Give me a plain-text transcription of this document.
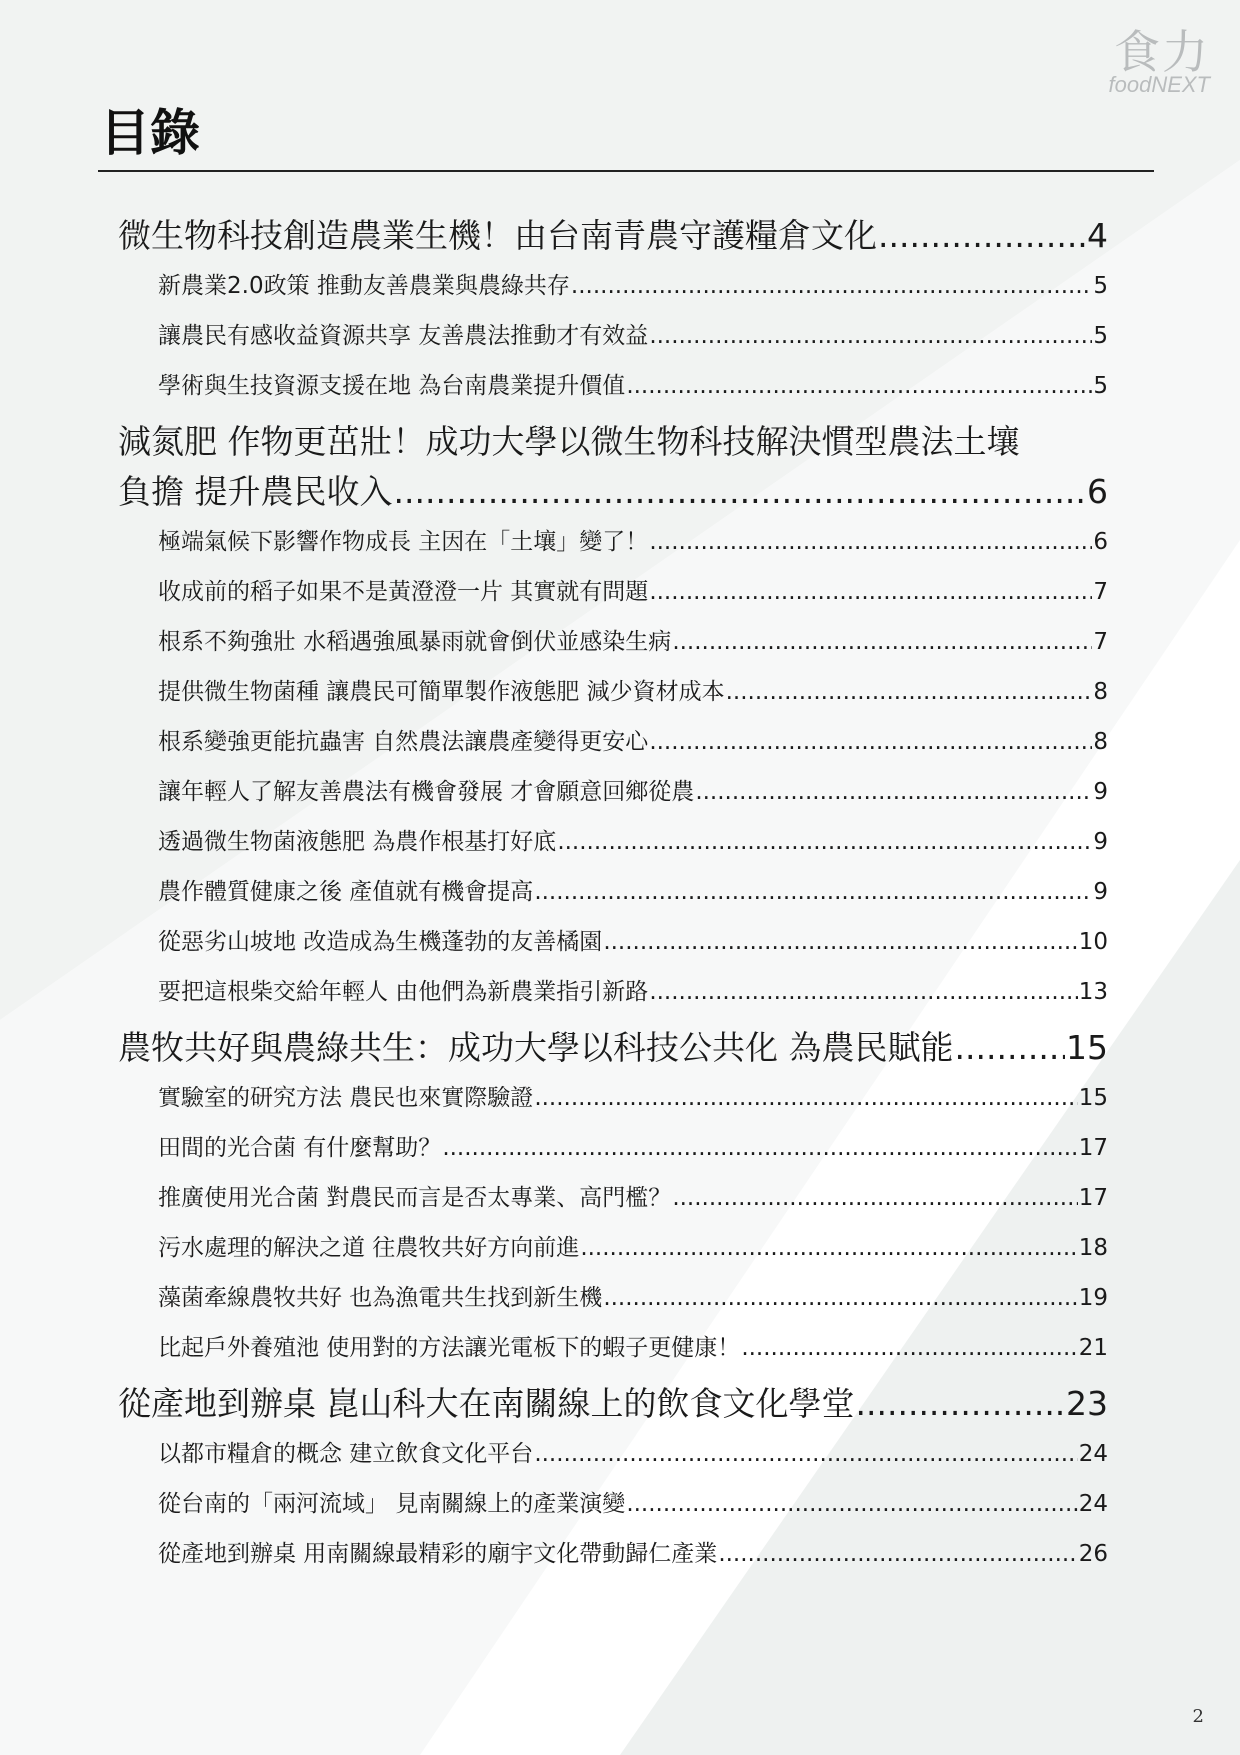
食力
foodNEXT
目錄
微生物科技創造農業生機！由台南青農守護糧倉文化 .....	4
新農業2.0政策 推動友善農業與農綠共存 .....	5
讓農民有感收益資源共享 友善農法推動才有效益 .....	5
學術與生技資源支援在地 為台南農業提升價值 .....	5
減氮肥 作物更茁壯！成功大學以微生物科技解決慣型農法土壤
負擔 提升農民收入 .....	6
極端氣候下影響作物成長 主因在「土壤」變了！ .....	6
收成前的稻子如果不是黃澄澄一片 其實就有問題 .....	7
根系不夠強壯 水稻遇強風暴雨就會倒伏並感染生病 .....	7
提供微生物菌種 讓農民可簡單製作液態肥 減少資材成本 .....	8
根系變強更能抗蟲害 自然農法讓農產變得更安心 .....	8
讓年輕人了解友善農法有機會發展 才會願意回鄉從農 .....	9
透過微生物菌液態肥 為農作根基打好底 .....	9
農作體質健康之後 產值就有機會提高 .....	9
從惡劣山坡地 改造成為生機蓬勃的友善橘園 .....	10
要把這根柴交給年輕人 由他們為新農業指引新路 .....	13
農牧共好與農綠共生：成功大學以科技公共化 為農民賦能 .....	15
實驗室的研究方法 農民也來實際驗證 .....	15
田間的光合菌 有什麼幫助？ .....	17
推廣使用光合菌 對農民而言是否太專業、高門檻？ .....	17
污水處理的解決之道 往農牧共好方向前進 .....	18
藻菌牽線農牧共好 也為漁電共生找到新生機 .....	19
比起戶外養殖池 使用對的方法讓光電板下的蝦子更健康！ .....	21
從產地到辦桌 崑山科大在南關線上的飲食文化學堂 .....	23
以都市糧倉的概念 建立飲食文化平台 .....	24
從台南的「兩河流域」 見南關線上的產業演變 .....	24
從產地到辦桌 用南關線最精彩的廟宇文化帶動歸仁產業 .....	26
2
